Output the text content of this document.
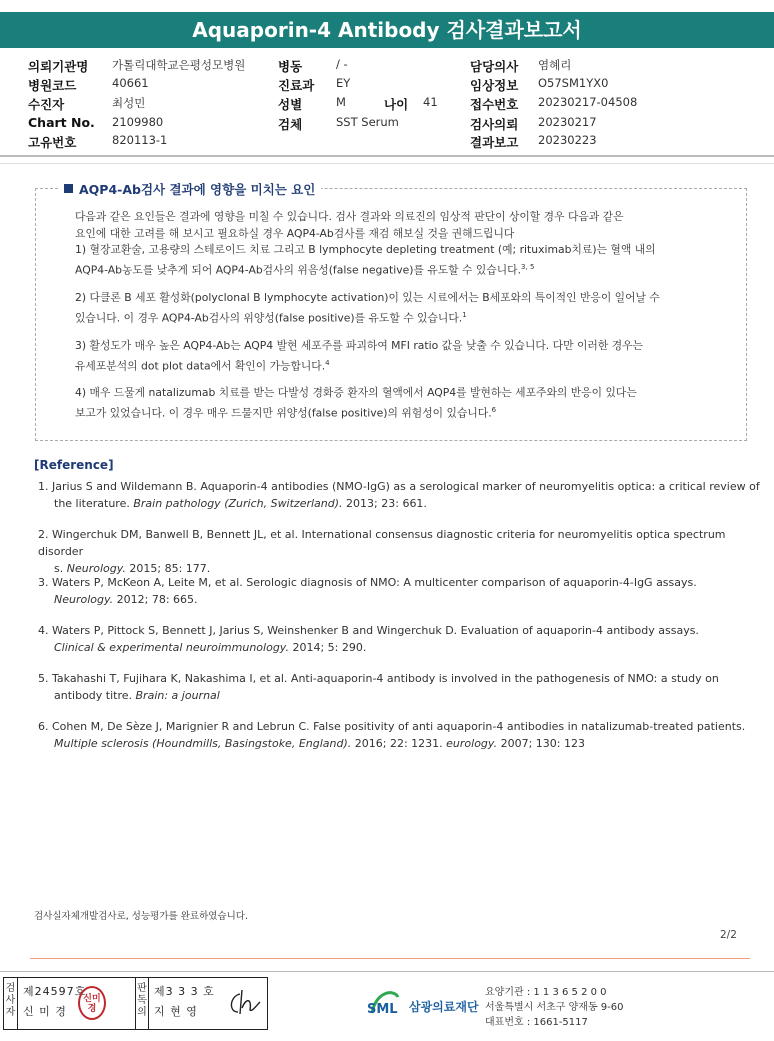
Aquaporin-4 Antibody 검사결과보고서
의뢰기관명 가톨릭대학교은평성모병원
병원코드	40661
수진자	최성민
Chart No. 2109980
고유번호	820113-1
병동	/ -
진료과 EY
성별	M	나이 41
검체	SST Serum
담당의사 염혜리
임상정보 O57SM1YX0
접수번호 20230217-04508
검사의뢰 20230217
결과보고 20230223
AQP4-Ab검사 결과에 영향을 미치는 요인
다음과 같은 요인들은 결과에 영향을 미칠 수 있습니다. 검사 결과와 의료진의 임상적 판단이 상이할 경우 다음과 같은
요인에 대한 고려를 해 보시고 필요하실 경우 AQP4-Ab검사를 재검 해보실 것을 권해드립니다
1) 혈장교환술, 고용량의 스테로이드 치료 그리고 B lymphocyte depleting treatment (예; rituximab치료)는 혈액 내의
AQP4-Ab농도를 낮추게 되어 AQP4-Ab검사의 위음성(false negative)를 유도할 수 있습니다.$^{3, 5}$
2) 다클론 B 세포 활성화(polyclonal B lymphocyte activation)이 있는 시료에서는 B세포와의 특이적인 반응이 일어날 수
있습니다. 이 경우 AQP4-Ab검사의 위양성(false positive)를 유도할 수 있습니다.$^1$
3) 활성도가 매우 높은 AQP4-Ab는 AQP4 발현 세포주를 파괴하여 MFI ratio 값을 낮출 수 있습니다. 다만 이러한 경우는
유세포분석의 dot plot data에서 확인이 가능합니다.$^4$
4) 매우 드물게 natalizumab 치료를 받는 다발성 경화증 환자의 혈액에서 AQP4를 발현하는 세포주와의 반응이 있다는
보고가 있었습니다. 이 경우 매우 드물지만 위양성(false positive)의 위험성이 있습니다.$^6$
[Reference]
1. Jarius S and Wildemann B. Aquaporin-4 antibodies (NMO-IgG) as a serological marker of neuromyelitis optica: a critical review of
the literature. Brain pathology (Zurich, Switzerland). 2013; 23: 661.
2. Wingerchuk DM, Banwell B, Bennett JL, et al. International consensus diagnostic criteria for neuromyelitis optica spectrum disorder
s. Neurology. 2015; 85: 177.
3. Waters P, McKeon A, Leite M, et al. Serologic diagnosis of NMO: A multicenter comparison of aquaporin-4-IgG assays.
Neurology. 2012; 78: 665.
4. Waters P, Pittock S, Bennett J, Jarius S, Weinshenker B and Wingerchuk D. Evaluation of aquaporin-4 antibody assays.
Clinical & experimental neuroimmunology. 2014; 5: 290.
5. Takahashi T, Fujihara K, Nakashima I, et al. Anti-aquaporin-4 antibody is involved in the pathogenesis of NMO: a study on
antibody titre. Brain: a journal
6. Cohen M, De Sèze J, Marignier R and Lebrun C. False positivity of anti aquaporin-4 antibodies in natalizumab-treated patients.
Multiple sclerosis (Houndmills, Basingstoke, England). 2016; 22: 1231. eurology. 2007; 130: 123
검사실자체개발검사로, 성능평가를 완료하였습니다.
2/2
검
사
자
제24597호
신 미 경
신미
경
판
독
의
제3 3 3 호
지 현 영	SML 삼광의료재단
요양기관 : 1 1 3 6 5 2 0 0
서울특별시 서초구 양재동 9-60
대표번호 : 1661-5117
